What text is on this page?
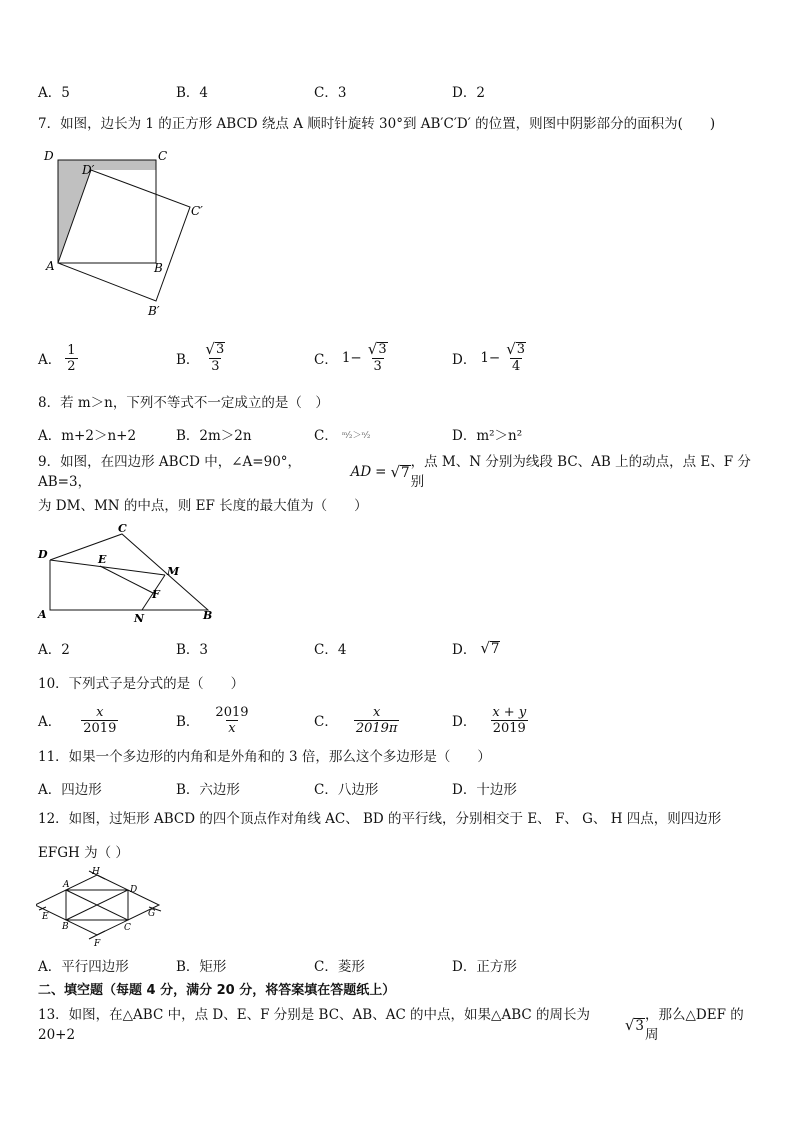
A．5	B．4	C．3	D．2
7．如图，边长为 1 的正方形 ABCD 绕点 A 顺时针旋转 30°到 AB′C′D′ 的位置，则图中阴影部分的面积为(　　)
D	C
D′
C′
A	B
B′
A． $\frac{1}{2}$	B． $\frac{√ 3}{3}$	C． $1- \frac{√ 3}{3}$	D． $1- \frac{√ 3}{4}$
8．若 m＞n，下列不等式不一定成立的是（　）
A．m+2＞n+2	B．2m＞2n	C． ᵐ⁄₂＞ⁿ⁄₂	D．m²＞n²
9．如图，在四边形 ABCD 中，∠A=90°，AB=3，
AD = √ 7
，点 M、N 分别为线段 BC、AB 上的动点，点 E、F 分别
为 DM、MN 的中点，则 EF 长度的最大值为（　　）
C
D	E
M
F
A	N	B
A．2	B．3	C．4	D． √ 7
10．下列式子是分式的是（　　）
A． $\frac{x}{2019}$	B． $\frac{2019}{x}$	C． $\frac{x}{2019\pi}$	D． $\frac{x + y}{2019}$
11．如果一个多边形的内角和是外角和的 3 倍，那么这个多边形是（　　）
A．四边形	B．六边形	C．八边形	D．十边形
12．如图，过矩形 ABCD 的四个顶点作对角线 AC、 BD 的平行线，分别相交于 E、 F、 G、 H 四点，则四边形
EFGH 为（ ）
H
A	D
E	G
B	C
F
A．平行四边形	B．矩形	C．菱形	D．正方形
二、填空题（每题 4 分，满分 20 分，将答案填在答题纸上）
13．如图，在△ABC 中，点 D、E、F 分别是 BC、AB、AC 的中点，如果△ABC 的周长为 20+2
√ 3
，那么△DEF 的周
